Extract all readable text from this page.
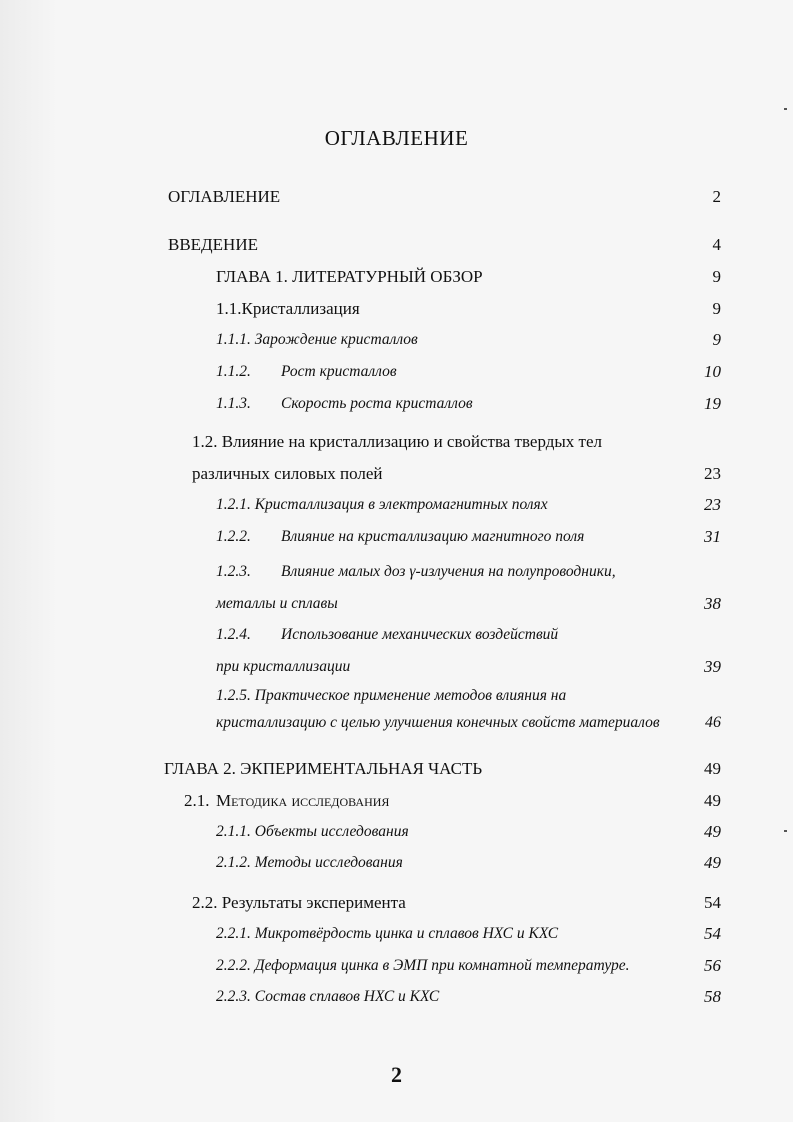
ОГЛАВЛЕНИЕ
ОГЛАВЛЕНИЕ	2
ВВЕДЕНИЕ	4
ГЛАВА 1. ЛИТЕРАТУРНЫЙ ОБЗОР	9
1.1.Кристаллизация	9
1.1.1. Зарождение кристаллов	9
1.1.2. Рост кристаллов	10
1.1.3. Скорость роста кристаллов	19
1.2. Влияние на кристаллизацию и свойства твердых тел
различных силовых полей	23
1.2.1. Кристаллизация в электромагнитных полях	23
1.2.2. Влияние на кристаллизацию магнитного поля	31
1.2.3. Влияние малых доз γ-излучения на полупроводники,
металлы и сплавы	38
1.2.4. Использование механических воздействий
при кристаллизации	39
1.2.5. Практическое применение методов влияния на
кристаллизацию с целью улучшения конечных свойств материалов	46
ГЛАВА 2. ЭКПЕРИМЕНТАЛЬНАЯ ЧАСТЬ	49
2.1. Методика исследования	49
2.1.1. Объекты исследования	49
2.1.2. Методы исследования	49
2.2. Результаты эксперимента	54
2.2.1. Микротвёрдость цинка и сплавов НХС и КХС	54
2.2.2. Деформация цинка в ЭМП при комнатной температуре.	56
2.2.3. Состав сплавов НХС и КХС	58
2
